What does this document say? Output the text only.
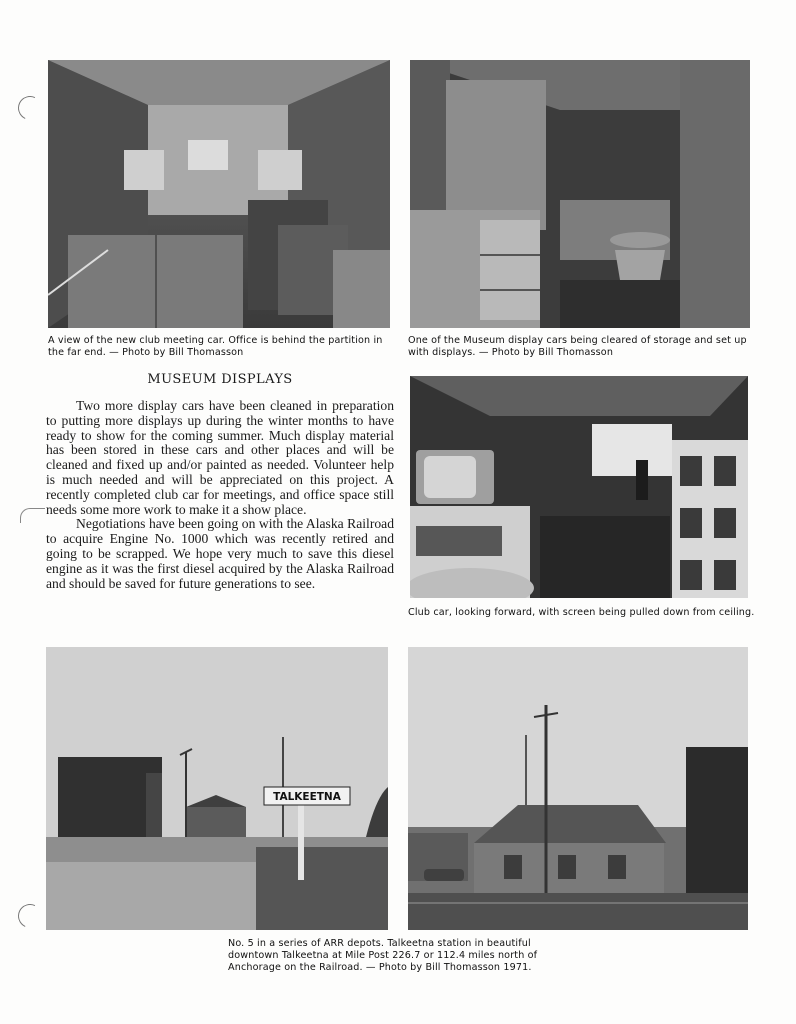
A view of the new club meeting car. Office is behind the partition in the far end. — Photo by Bill Thomasson
One of the Museum display cars being cleared of storage and set up with displays. — Photo by Bill Thomasson
MUSEUM DISPLAYS

Two more display cars have been cleaned in preparation to putting more displays up during the winter months to have ready to show for the coming summer. Much display material has been stored in these cars and other places and will be cleaned and fixed up and/or painted as needed. Volunteer help is much needed and will be appreciated on this project. A recently completed club car for meetings, and office space still needs some more work to make it a show place.

Negotiations have been going on with the Alaska Railroad to acquire Engine No. 1000 which was recently retired and going to be scrapped. We hope very much to save this diesel engine as it was the first diesel acquired by the Alaska Railroad and should be saved for future generations to see.

Club car, looking forward, with screen being pulled down from ceiling.
TALKEETNA
No. 5 in a series of ARR depots. Talkeetna station in beautiful downtown Talkeetna at Mile Post 226.7 or 112.4 miles north of Anchorage on the Railroad. — Photo by Bill Thomasson 1971.
